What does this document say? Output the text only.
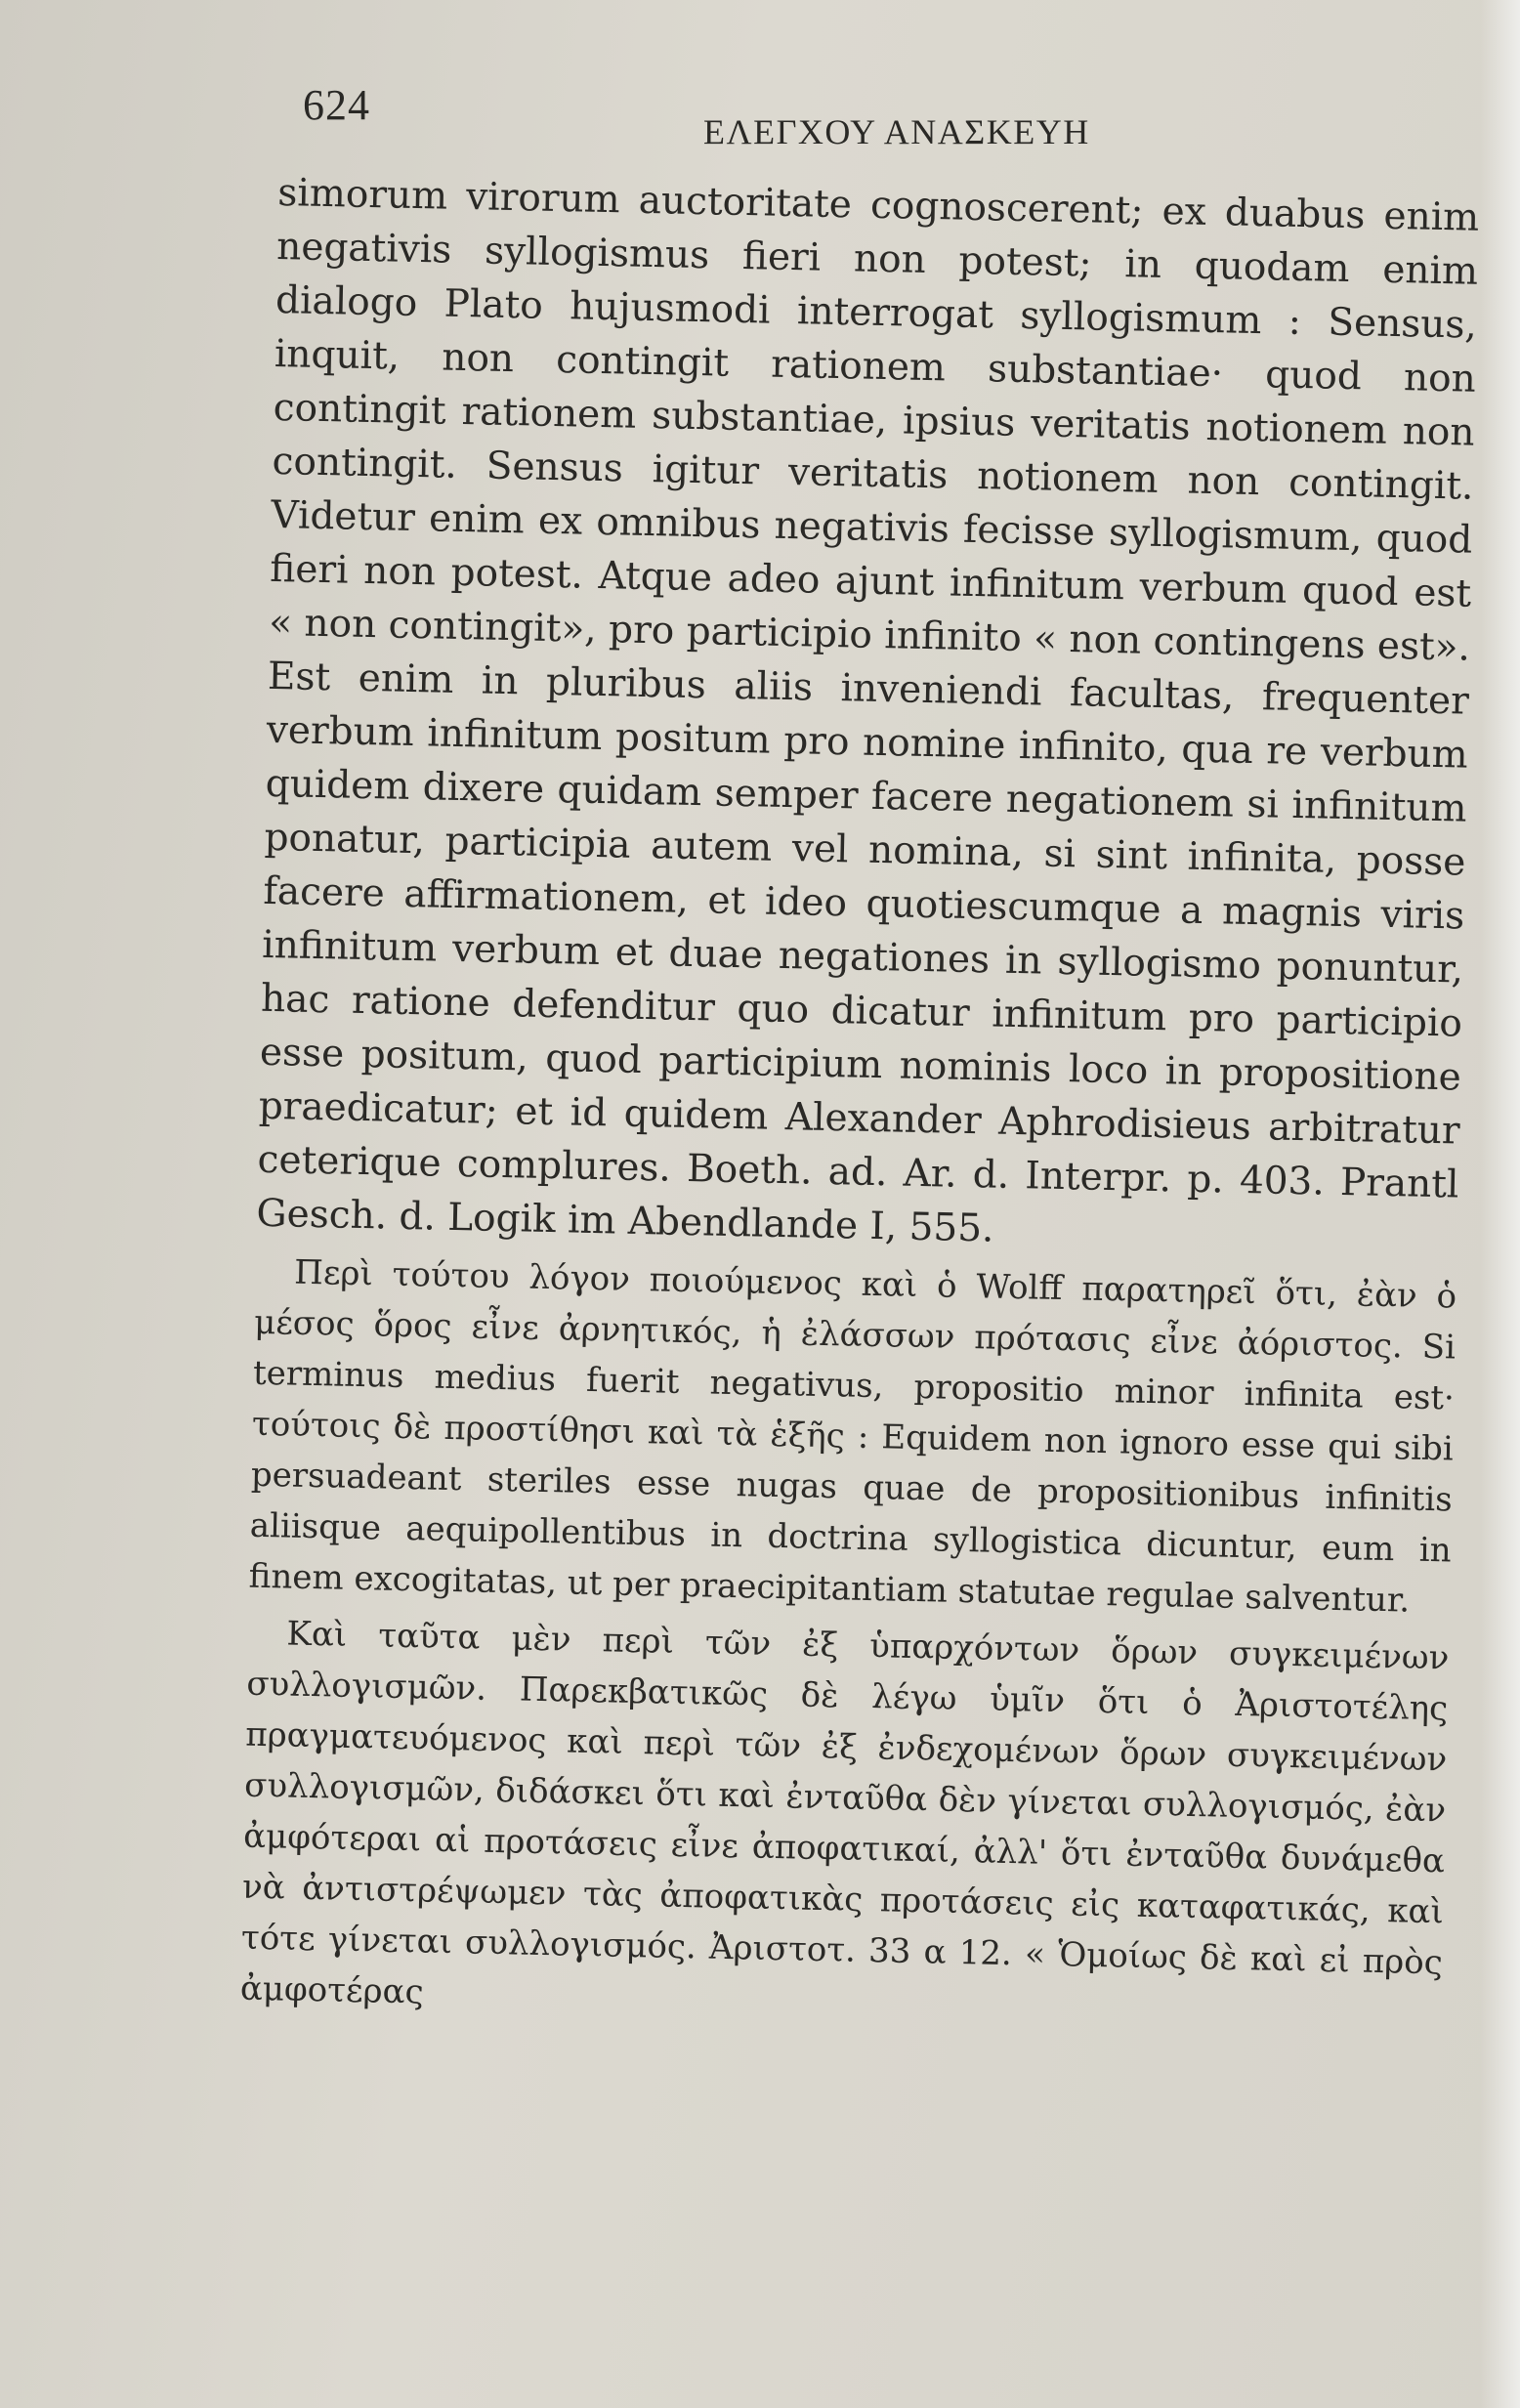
624
ΕΛΕΓΧΟΥ ΑΝΑΣΚΕΥΗ

simorum virorum auctoritate cognoscerent; ex duabus enim negativis syllogismus fieri non potest; in quodam enim dialogo Plato hujusmodi interrogat syllogismum : Sensus, inquit, non contingit rationem substantiae· quod non contingit rationem substantiae, ipsius veritatis notionem non contingit. Sensus igitur veritatis notionem non contingit. Videtur enim ex omnibus negativis fecisse syllogismum, quod fieri non potest. Atque adeo ajunt infinitum verbum quod est « non contingit», pro participio infinito « non contingens est». Est enim in pluribus aliis inveniendi facultas, frequenter verbum infinitum positum pro nomine infinito, qua re verbum quidem dixere quidam semper facere negationem si infinitum ponatur, participia autem vel nomina, si sint infinita, posse facere affirmationem, et ideo quotiescumque a magnis viris infinitum verbum et duae negationes in syllogismo ponuntur, hac ratione defenditur quo dicatur infinitum pro participio esse positum, quod participium nominis loco in propositione praedicatur; et id quidem Alexander Aphrodisieus arbitratur ceterique complures. Boeth. ad. Ar. d. Interpr. p. 403. Prantl Gesch. d. Logik im Abendlande I, 555.

Περὶ τούτου λόγον ποιούμενος καὶ ὁ Wolff παρατηρεῖ ὅτι, ἐὰν ὁ μέσος ὅρος εἶνε ἀρνητικός, ἡ ἐλάσσων πρότασις εἶνε ἀόριστος. Si terminus medius fuerit negativus, propositio minor infinita est· τούτοις δὲ προστίθησι καὶ τὰ ἑξῆς : Equidem non ignoro esse qui sibi persuadeant steriles esse nugas quae de propositionibus infinitis aliisque aequipollentibus in doctrina syllogistica dicuntur, eum in finem excogitatas, ut per praecipitantiam statutae regulae salventur.

Καὶ ταῦτα μὲν περὶ τῶν ἐξ ὑπαρχόντων ὅρων συγκειμένων συλλογισμῶν. Παρεκβατικῶς δὲ λέγω ὑμῖν ὅτι ὁ Ἀριστοτέλης πραγματευόμενος καὶ περὶ τῶν ἐξ ἐνδεχομένων ὅρων συγκειμένων συλλογισμῶν, διδάσκει ὅτι καὶ ἐνταῦθα δὲν γίνεται συλλογισμός, ἐὰν ἀμφότεραι αἱ προτάσεις εἶνε ἀποφατικαί, ἀλλ' ὅτι ἐνταῦθα δυνάμεθα νὰ ἀντιστρέψωμεν τὰς ἀποφατικὰς προτάσεις εἰς καταφατικάς, καὶ τότε γίνεται συλλογισμός. Ἀριστοτ. 33 α 12. « Ὁμοίως δὲ καὶ εἰ πρὸς ἀμφοτέρας
